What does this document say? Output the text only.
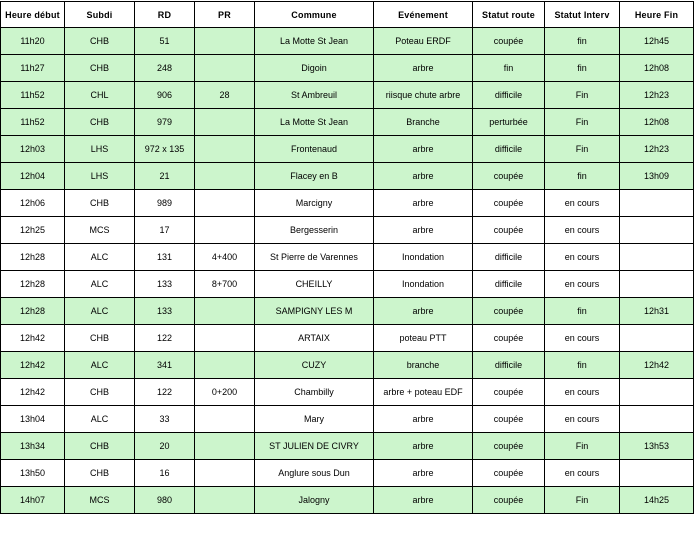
Heure début	Subdi	RD	PR	Commune	Evénement	Statut route	Statut Interv	Heure Fin
11h20	CHB	51		La Motte St Jean	Poteau ERDF	coupée	fin	12h45
11h27	CHB	248		Digoin	arbre	fin	fin	12h08
11h52	CHL	906	28	St Ambreuil	riisque chute arbre	difficile	Fin	12h23
11h52	CHB	979		La Motte St Jean	Branche	perturbée	Fin	12h08
12h03	LHS	972 x 135		Frontenaud	arbre	difficile	Fin	12h23
12h04	LHS	21		Flacey en B	arbre	coupée	fin	13h09
12h06	CHB	989		Marcigny	arbre	coupée	en cours	
12h25	MCS	17		Bergesserin	arbre	coupée	en cours	
12h28	ALC	131	4+400	St Pierre de Varennes	Inondation	difficile	en cours	
12h28	ALC	133	8+700	CHEILLY	Inondation	difficile	en cours	
12h28	ALC	133		SAMPIGNY LES M	arbre	coupée	fin	12h31
12h42	CHB	122		ARTAIX	poteau PTT	coupée	en cours	
12h42	ALC	341		CUZY	branche	difficile	fin	12h42
12h42	CHB	122	0+200	Chambilly	arbre + poteau EDF	coupée	en cours	
13h04	ALC	33		Mary	arbre	coupée	en cours	
13h34	CHB	20		ST JULIEN DE CIVRY	arbre	coupée	Fin	13h53
13h50	CHB	16		Anglure sous Dun	arbre	coupée	en cours	
14h07	MCS	980		Jalogny	arbre	coupée	Fin	14h25
